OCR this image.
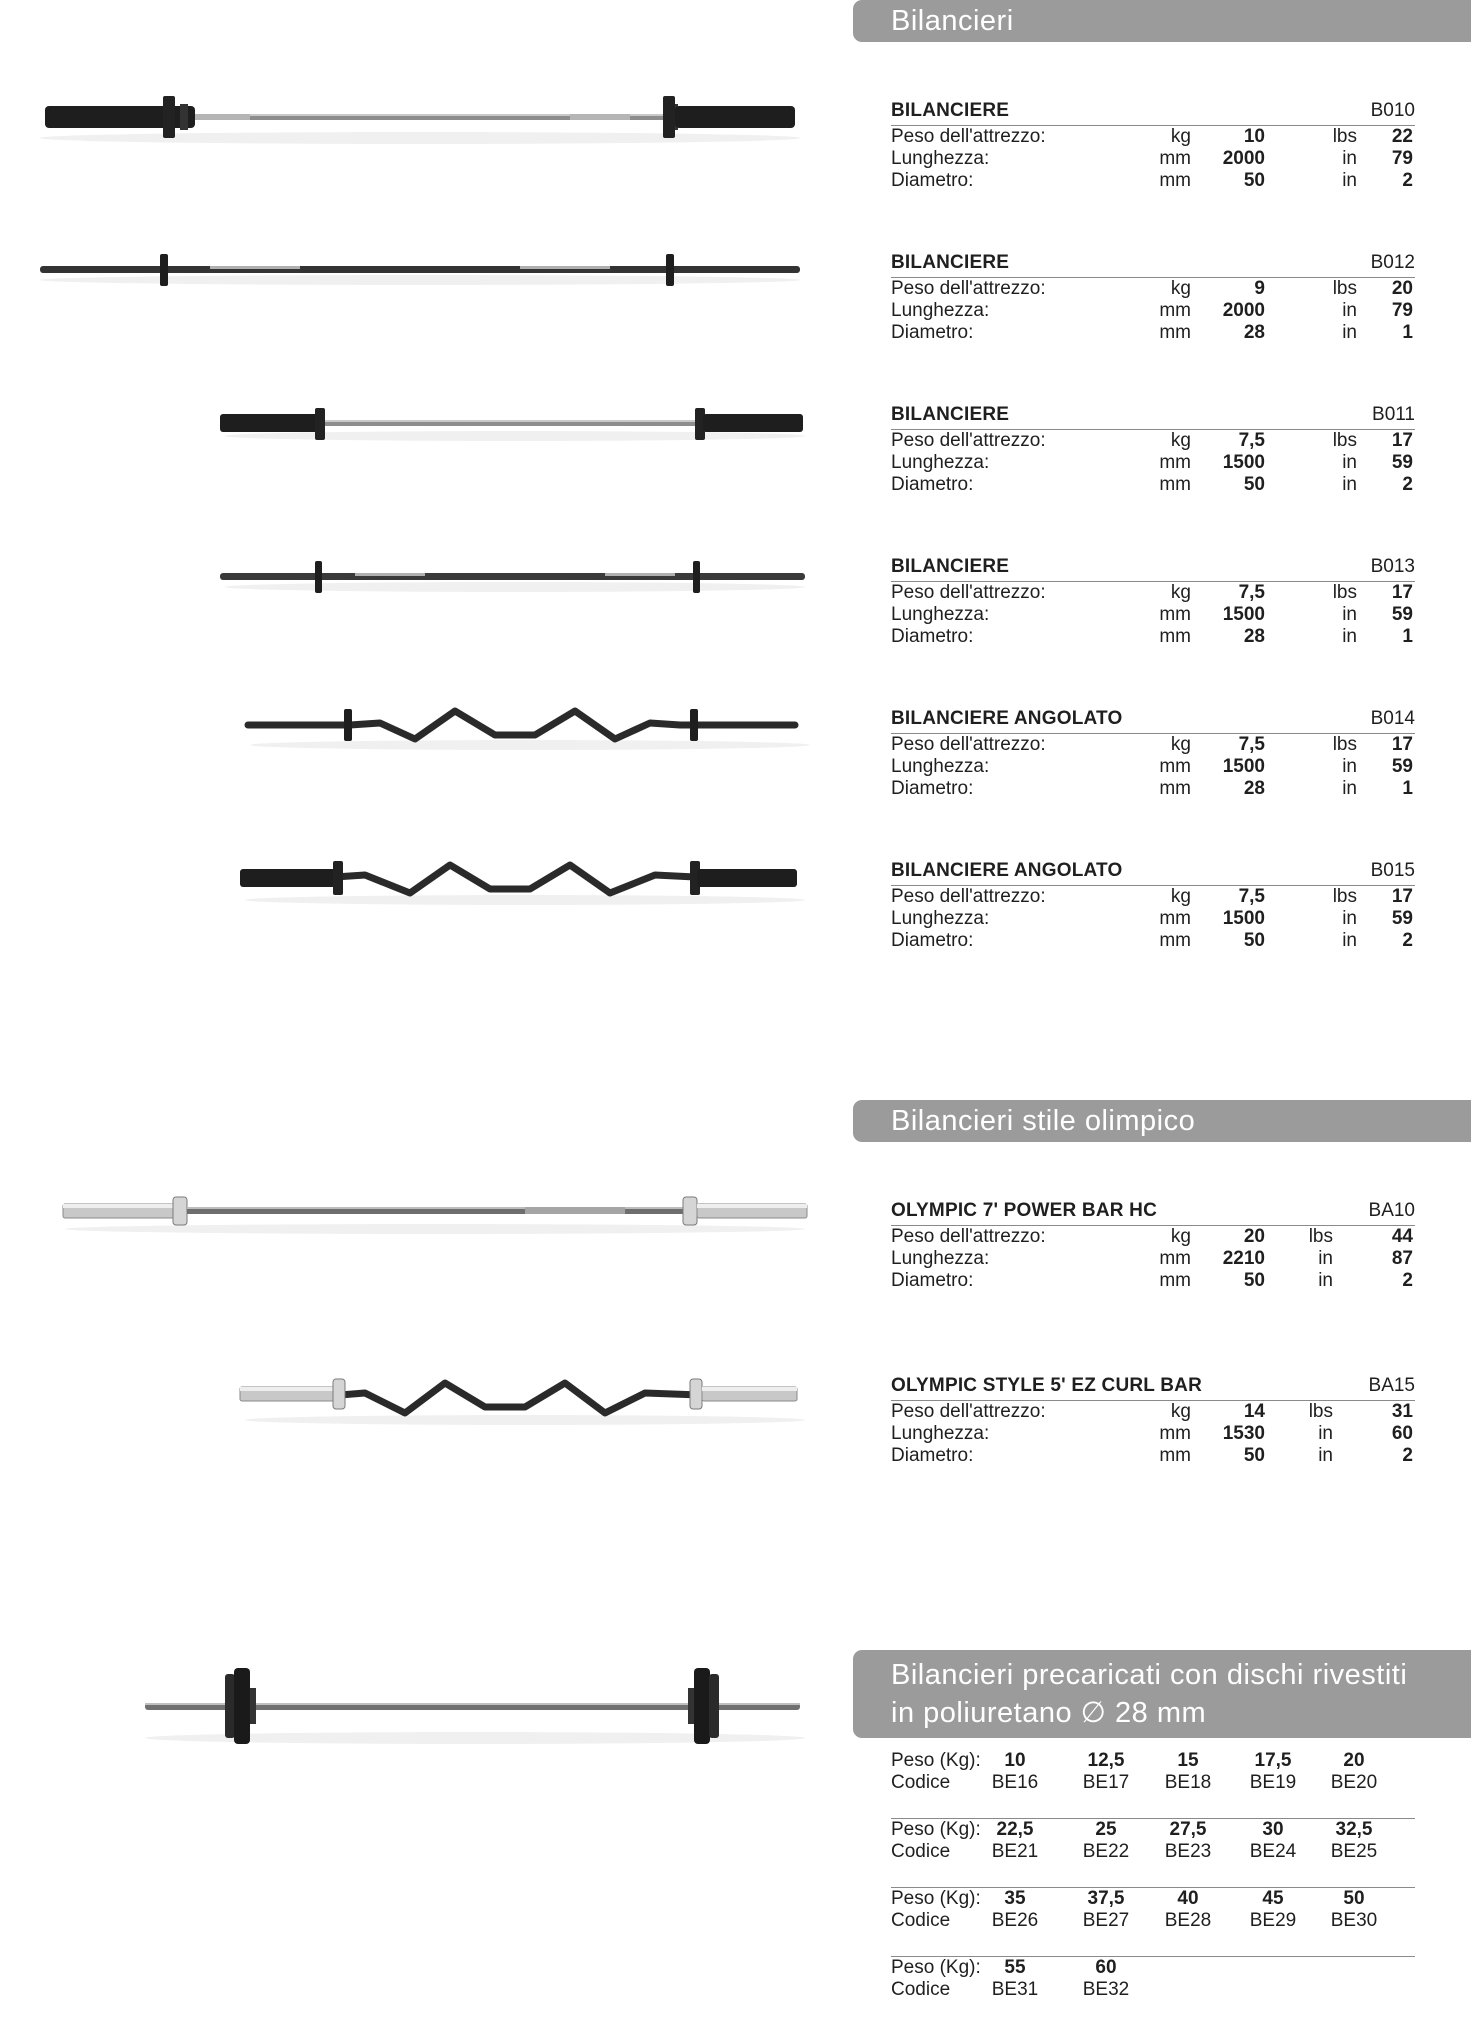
Bilancieri
Bilancieri stile olimpico
Bilancieri precaricati con dischi rivestiti
in poliuretano ∅ 28 mm
BILANCIERE	B010
Peso dell'attrezzo:	kg	10	lbs 22
Lunghezza:	mm 2000	in 79
Diametro:	mm	50	in 2
BILANCIERE	B012
Peso dell'attrezzo:	kg	9	lbs 20
Lunghezza:	mm 2000	in 79
Diametro:	mm	28	in 1
BILANCIERE	B011
Peso dell'attrezzo:	kg	7,5	lbs 17
Lunghezza:	mm 1500	in 59
Diametro:	mm	50	in 2
BILANCIERE	B013
Peso dell'attrezzo:	kg	7,5	lbs 17
Lunghezza:	mm 1500	in 59
Diametro:	mm	28	in 1
BILANCIERE ANGOLATO	B014
Peso dell'attrezzo:	kg	7,5	lbs 17
Lunghezza:	mm 1500	in 59
Diametro:	mm	28	in 1
BILANCIERE ANGOLATO	B015
Peso dell'attrezzo:	kg	7,5	lbs 17
Lunghezza:	mm 1500	in 59
Diametro:	mm	50	in 2
OLYMPIC 7' POWER BAR HC	BA10
Peso dell'attrezzo:	kg	20 lbs	44
Lunghezza:	mm 2210	in	87
Diametro:	mm	50	in	2
OLYMPIC STYLE 5' EZ CURL BAR	BA15
Peso dell'attrezzo:	kg	14 lbs	31
Lunghezza:	mm 1530	in	60
Diametro:	mm	50	in	2
Peso (Kg):	10	12,5	15	17,5	20
Codice	BE16	BE17	BE18	BE19	BE20
Peso (Kg): 22,5	25	27,5	30	32,5
Codice	BE21	BE22	BE23	BE24	BE25
Peso (Kg):	35	37,5	40	45	50
Codice	BE26	BE27	BE28	BE29	BE30
Peso (Kg):	55	60
Codice	BE31	BE32
